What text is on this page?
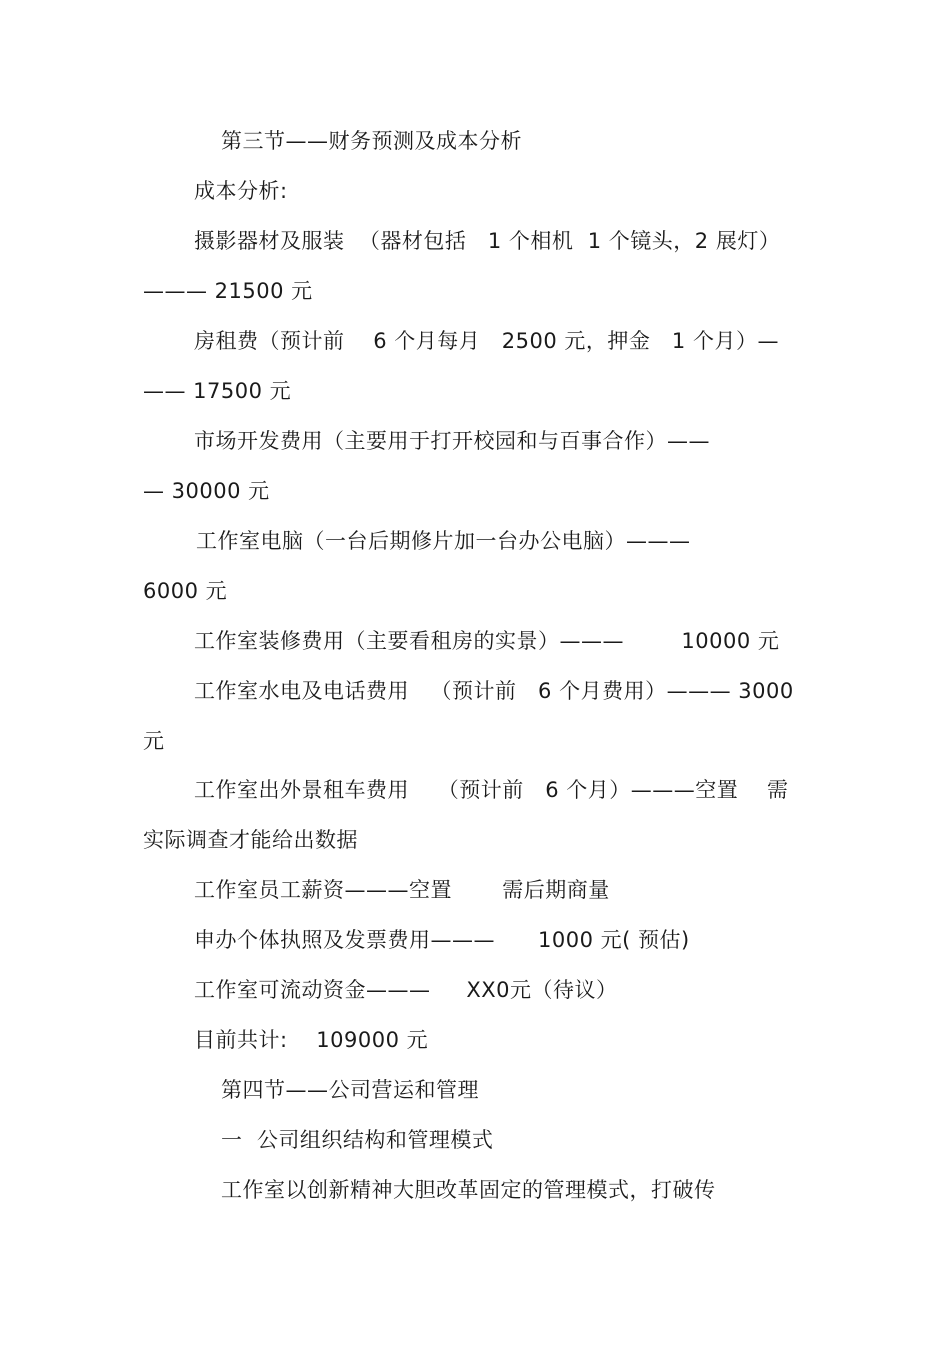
第三节——财务预测及成本分析
成本分析:
摄影器材及服装  （器材包括   1 个相机  1 个镜头，2 展灯）
——— 21500 元
房租费（预计前    6 个月每月   2500 元，押金   1 个月）—
—— 17500 元
市场开发费用（主要用于打开校园和与百事合作）——
— 30000 元
工作室电脑（一台后期修片加一台办公电脑）———
6000 元
工作室装修费用（主要看租房的实景）———        10000 元
工作室水电及电话费用   （预计前   6 个月费用）——— 3000
元
工作室出外景租车费用    （预计前   6 个月）———空置    需
实际调查才能给出数据
工作室员工薪资———空置       需后期商量
申办个体执照及发票费用———      1000 元( 预估)
工作室可流动资金———     XX0元（待议）
目前共计:    109000 元
第四节——公司营运和管理
一  公司组织结构和管理模式
工作室以创新精神大胆改革固定的管理模式，打破传
